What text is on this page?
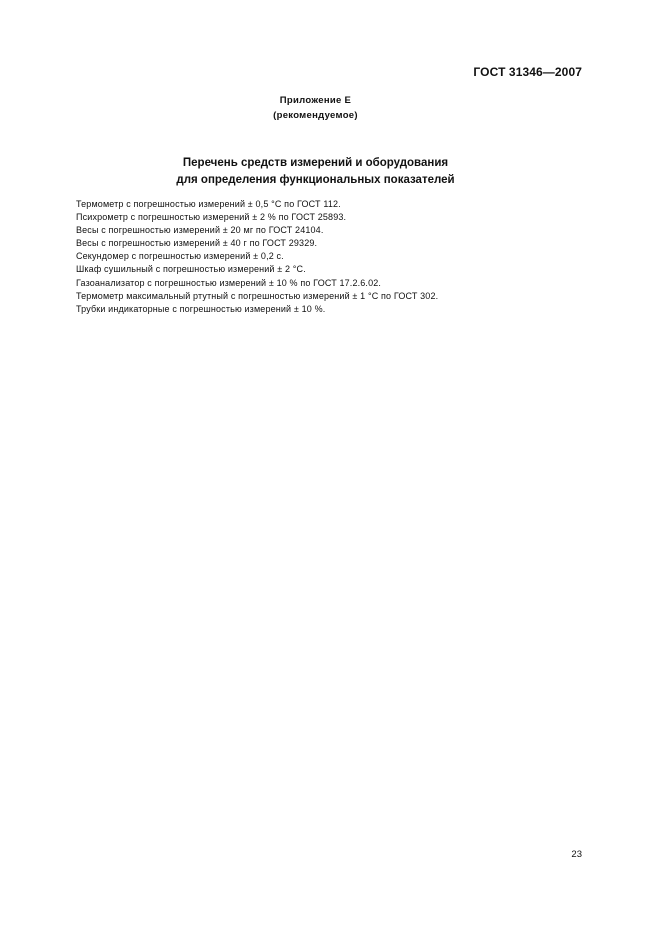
ГОСТ 31346—2007
Приложение Е
(рекомендуемое)
Перечень средств измерений и оборудования
для определения функциональных показателей
Термометр с погрешностью измерений ± 0,5 °С по ГОСТ 112.
Психрометр с погрешностью измерений ± 2 % по ГОСТ 25893.
Весы с погрешностью измерений ± 20 мг по ГОСТ 24104.
Весы с погрешностью измерений ± 40 г по ГОСТ 29329.
Секундомер с погрешностью измерений ± 0,2 с.
Шкаф сушильный с погрешностью измерений ± 2 °С.
Газоанализатор с погрешностью измерений ± 10 % по ГОСТ 17.2.6.02.
Термометр максимальный ртутный с погрешностью измерений ± 1 °С по ГОСТ 302.
Трубки индикаторные с погрешностью измерений ± 10 %.
23
